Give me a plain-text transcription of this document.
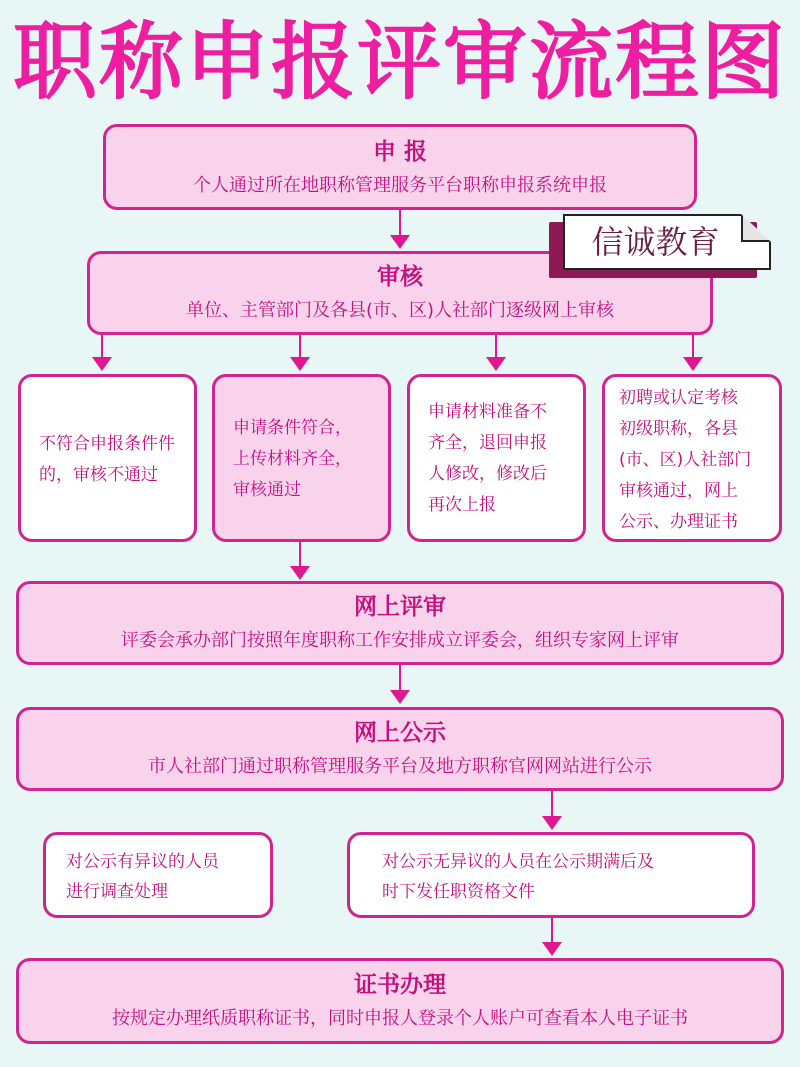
职称申报评审流程图
申 报
个人通过所在地职称管理服务平台职称申报系统申报
审核
单位、主管部门及各县(市、区)人社部门逐级网上审核
信诚教育
不符合申报条件件
的，审核不通过
申请条件符合，
上传材料齐全，
审核通过
申请材料准备不
齐全，退回申报
人修改，修改后
再次上报
初聘或认定考核
初级职称，各县
(市、区)人社部门
审核通过，网上
公示、办理证书
网上评审
评委会承办部门按照年度职称工作安排成立评委会，组织专家网上评审
网上公示
市人社部门通过职称管理服务平台及地方职称官网网站进行公示
对公示有异议的人员
进行调查处理
对公示无异议的人员在公示期满后及
时下发任职资格文件
证书办理
按规定办理纸质职称证书，同时申报人登录个人账户可查看本人电子证书
